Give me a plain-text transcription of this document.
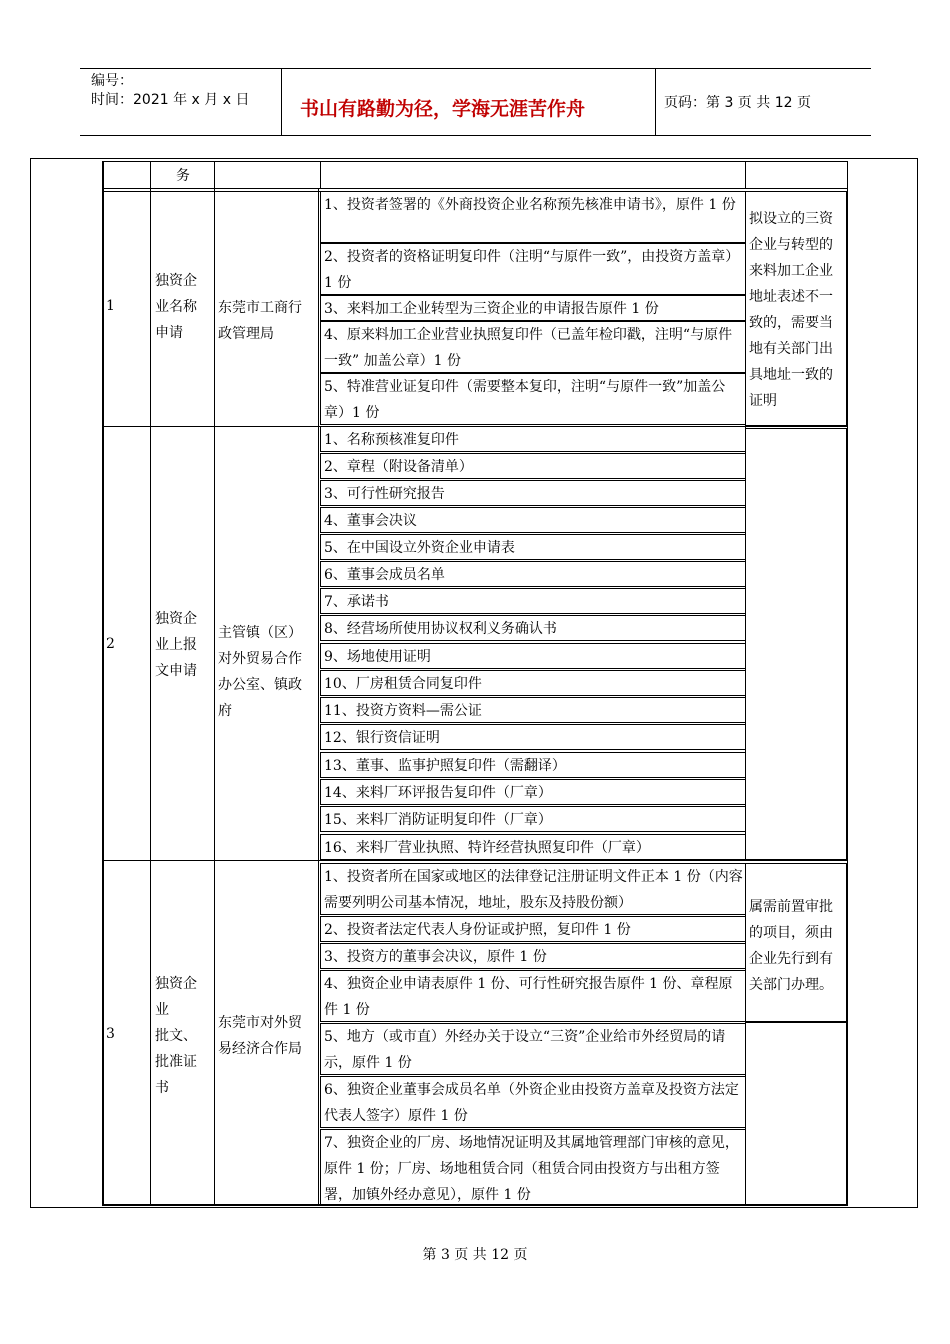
编号：
时间：2021 年 x 月 x 日	书山有路勤为径，学海无涯苦作舟	页码：第 3 页 共 12 页
务
1
独资企
业名称
申请
东莞市工商行
政管理局
1、投资者签署的《外商投资企业名称预先核准申请书》，原件 1 份
2、投资者的资格证明复印件（注明“与原件一致”，由投资方盖章）1 份
3、来料加工企业转型为三资企业的申请报告原件 1 份
4、原来料加工企业营业执照复印件（已盖年检印戳，注明“与原件一致” 加盖公章）1 份
5、特准营业证复印件（需要整本复印，注明“与原件一致”加盖公章）1 份
拟设立的三资
企业与转型的
来料加工企业
地址表述不一
致的，需要当
地有关部门出
具地址一致的
证明
2
独资企
业上报
文申请
主管镇（区）
对外贸易合作
办公室、镇政
府
1、名称预核准复印件
2、章程（附设备清单）
3、可行性研究报告
4、董事会决议
5、在中国设立外资企业申请表
6、董事会成员名单
7、承诺书
8、经营场所使用协议权利义务确认书
9、场地使用证明
10、厂房租赁合同复印件
11、投资方资料—需公证
12、银行资信证明
13、董事、监事护照复印件（需翻译）
14、来料厂环评报告复印件（厂章）
15、来料厂消防证明复印件（厂章）
16、来料厂营业执照、特许经营执照复印件（厂章）
3
独资企
业
批文、
批准证
书
东莞市对外贸
易经济合作局
1、投资者所在国家或地区的法律登记注册证明文件正本 1 份（内容需要列明公司基本情况，地址，股东及持股份额）
2、投资者法定代表人身份证或护照，复印件 1 份
3、投资方的董事会决议，原件 1 份
4、独资企业申请表原件 1 份、可行性研究报告原件 1 份、章程原件 1 份
5、地方（或市直）外经办关于设立“三资”企业给市外经贸局的请示，原件 1 份
6、独资企业董事会成员名单（外资企业由投资方盖章及投资方法定代表人签字）原件 1 份
7、独资企业的厂房、场地情况证明及其属地管理部门审核的意见，原件 1 份；厂房、场地租赁合同（租赁合同由投资方与出租方签署，加镇外经办意见），原件 1 份
属需前置审批
的项目，须由
企业先行到有
关部门办理。
第 3 页 共 12 页
